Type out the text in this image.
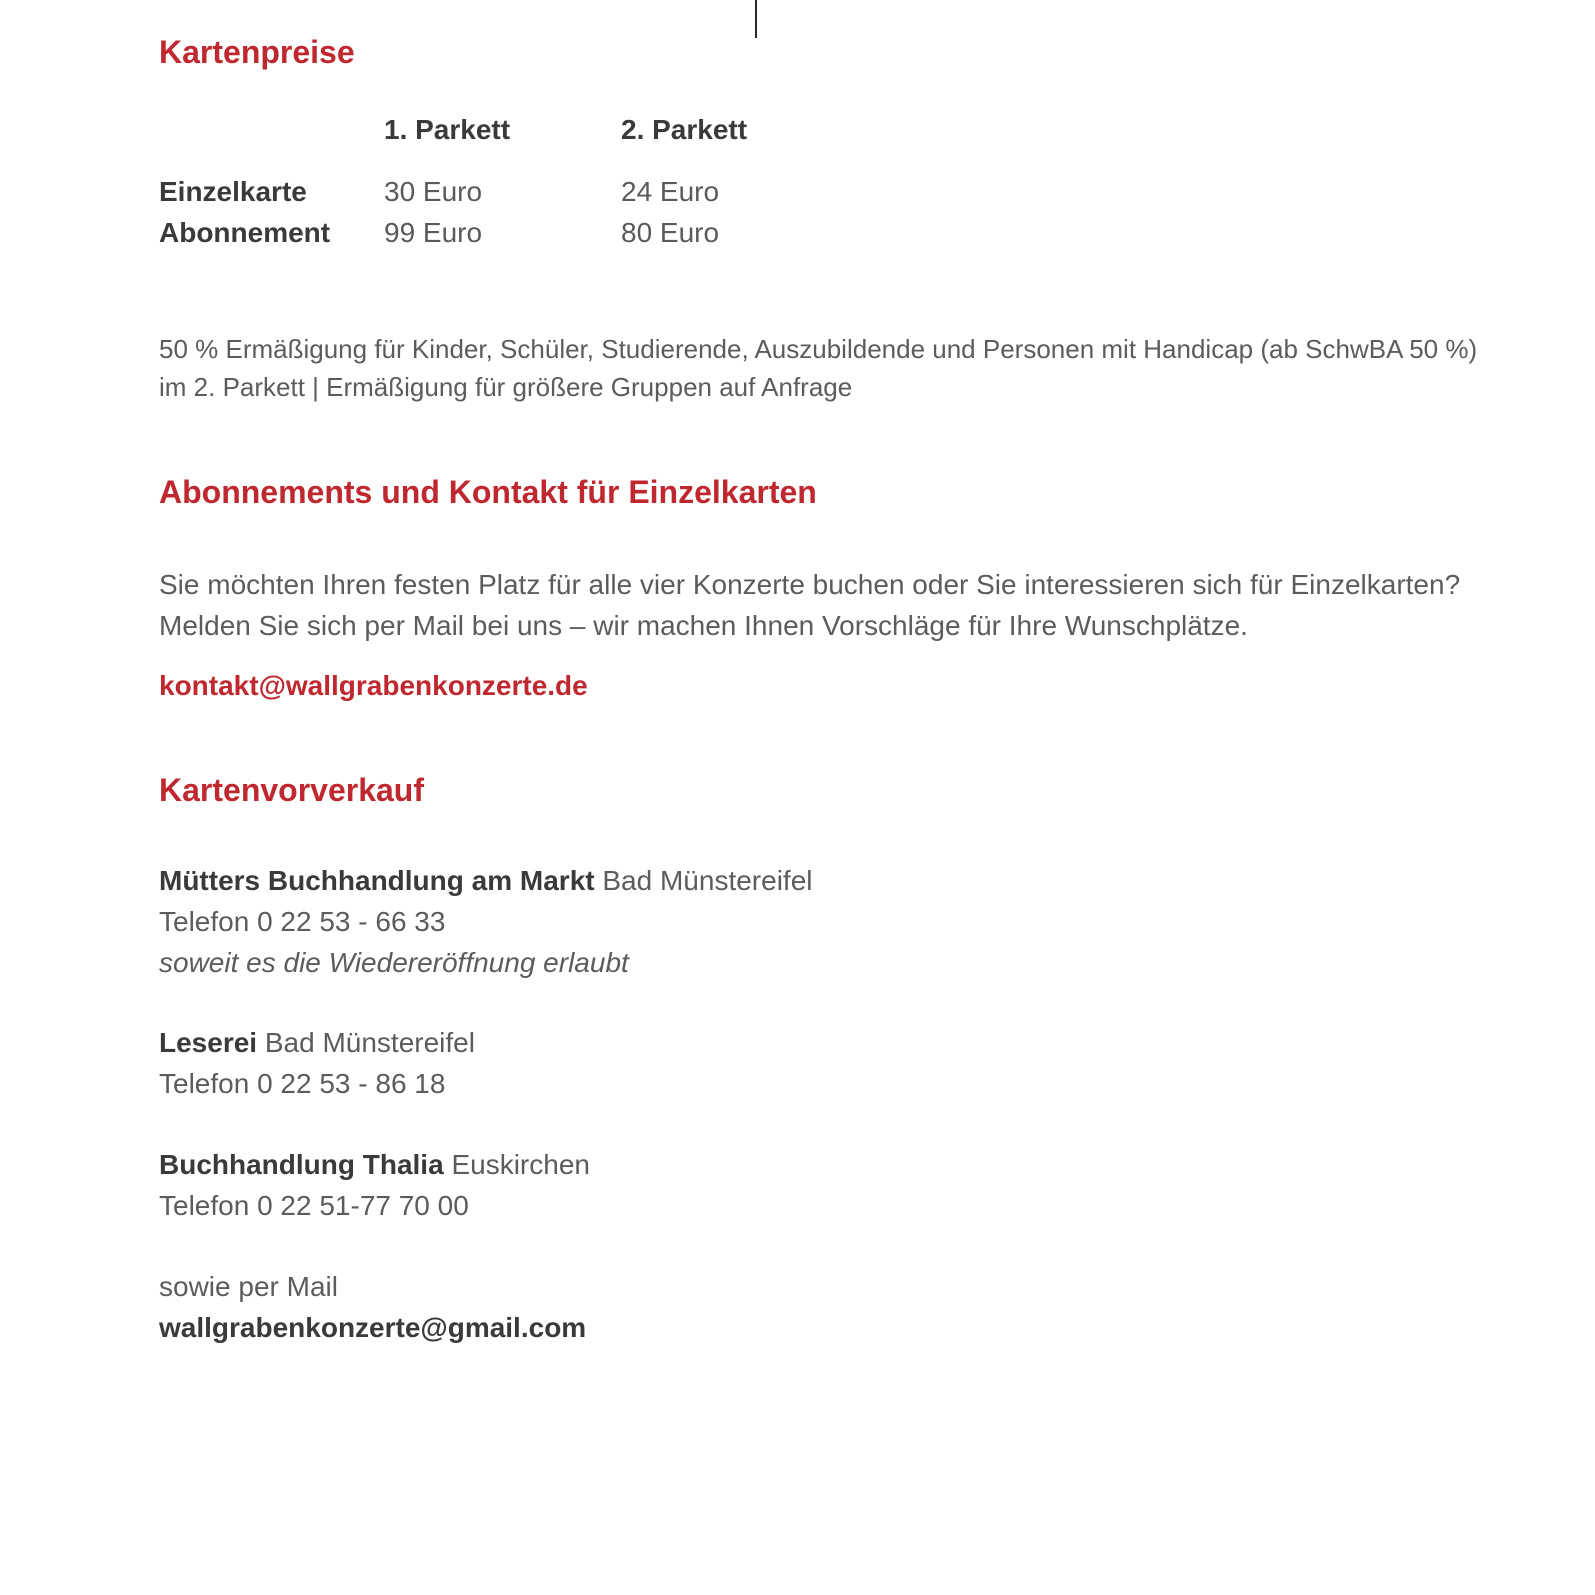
Kartenpreise
1. Parkett	2. Parkett
Einzelkarte	30 Euro	24 Euro
Abonnement 99 Euro	80 Euro

50 % Ermäßigung für Kinder, Schüler, Studierende, Auszubildende und Personen mit Handicap (ab SchwBA 50 %)
im 2. Parkett | Ermäßigung für größere Gruppen auf Anfrage

Abonnements und Kontakt für Einzelkarten

Sie möchten Ihren festen Platz für alle vier Konzerte buchen oder Sie interessieren sich für Einzelkarten?
Melden Sie sich per Mail bei uns – wir machen Ihnen Vorschläge für Ihre Wunschplätze.

kontakt@wallgrabenkonzerte.de
Kartenvorverkauf
Mütters Buchhandlung am Markt Bad Münstereifel
Telefon 0 22 53 - 66 33
soweit es die Wiedereröffnung erlaubt
Leserei Bad Münstereifel
Telefon 0 22 53 - 86 18
Buchhandlung Thalia Euskirchen
Telefon 0 22 51-77 70 00
sowie per Mail
wallgrabenkonzerte@gmail.com
